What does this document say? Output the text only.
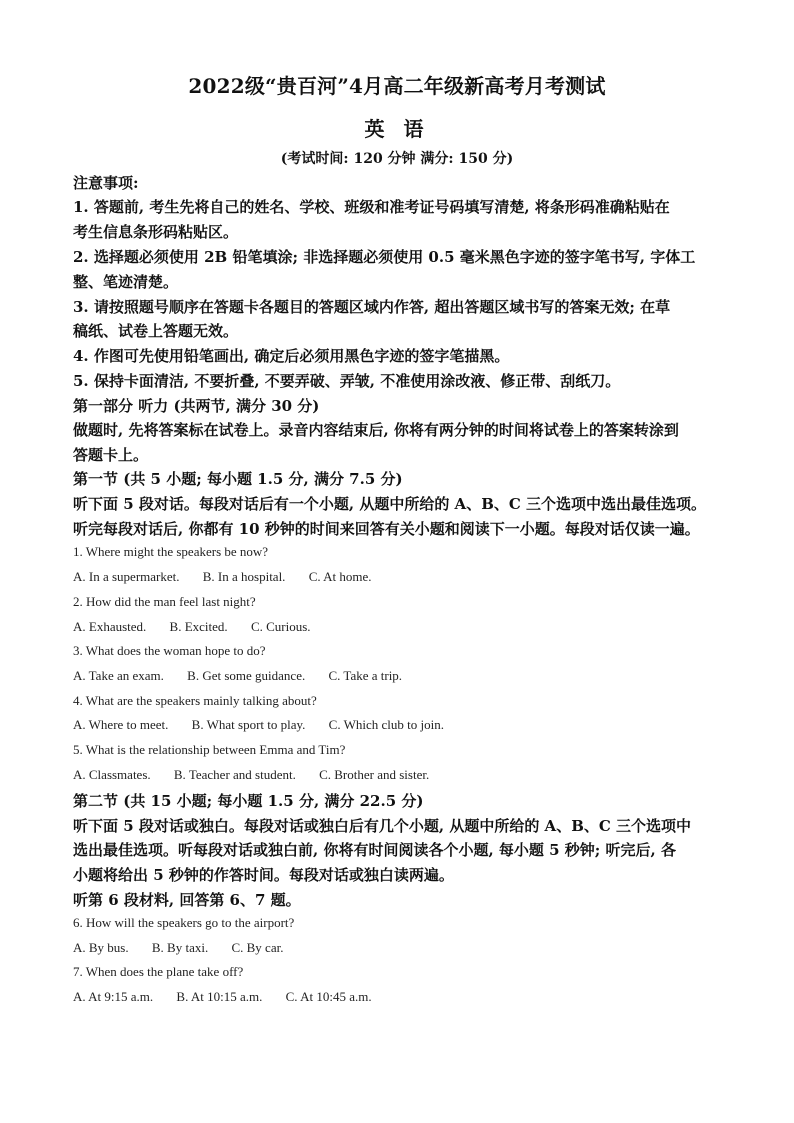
2022级“贵百河”4月高二年级新高考月考测试
英 语
(考试时间: 120 分钟 满分: 150 分)
注意事项:
1. 答题前, 考生先将自己的姓名、学校、班级和准考证号码填写清楚, 将条形码准确粘贴在
考生信息条形码粘贴区。
2. 选择题必须使用 2B 铅笔填涂; 非选择题必须使用 0.5 毫米黑色字迹的签字笔书写, 字体工
整、笔迹清楚。
3. 请按照题号顺序在答题卡各题目的答题区域内作答, 超出答题区域书写的答案无效; 在草
稿纸、试卷上答题无效。
4. 作图可先使用铅笔画出, 确定后必须用黑色字迹的签字笔描黑。
5. 保持卡面清洁, 不要折叠, 不要弄破、弄皱, 不准使用涂改液、修正带、刮纸刀。
第一部分 听力 (共两节, 满分 30 分)
做题时, 先将答案标在试卷上。录音内容结束后, 你将有两分钟的时间将试卷上的答案转涂到
答题卡上。
第一节 (共 5 小题; 每小题 1.5 分, 满分 7.5 分)
听下面 5 段对话。每段对话后有一个小题, 从题中所给的 A、B、C 三个选项中选出最佳选项。
听完每段对话后, 你都有 10 秒钟的时间来回答有关小题和阅读下一小题。每段对话仅读一遍。
1. Where might the speakers be now?
A. In a supermarket. B. In a hospital. C. At home.
2. How did the man feel last night?
A. Exhausted. B. Excited. C. Curious.
3. What does the woman hope to do?
A. Take an exam. B. Get some guidance. C. Take a trip.
4. What are the speakers mainly talking about?
A. Where to meet. B. What sport to play. C. Which club to join.
5. What is the relationship between Emma and Tim?
A. Classmates. B. Teacher and student. C. Brother and sister.
第二节 (共 15 小题; 每小题 1.5 分, 满分 22.5 分)
听下面 5 段对话或独白。每段对话或独白后有几个小题, 从题中所给的 A、B、C 三个选项中
选出最佳选项。听每段对话或独白前, 你将有时间阅读各个小题, 每小题 5 秒钟; 听完后, 各
小题将给出 5 秒钟的作答时间。每段对话或独白读两遍。
听第 6 段材料, 回答第 6、7 题。
6. How will the speakers go to the airport?
A. By bus. B. By taxi. C. By car.
7. When does the plane take off?
A. At 9:15 a.m. B. At 10:15 a.m. C. At 10:45 a.m.
